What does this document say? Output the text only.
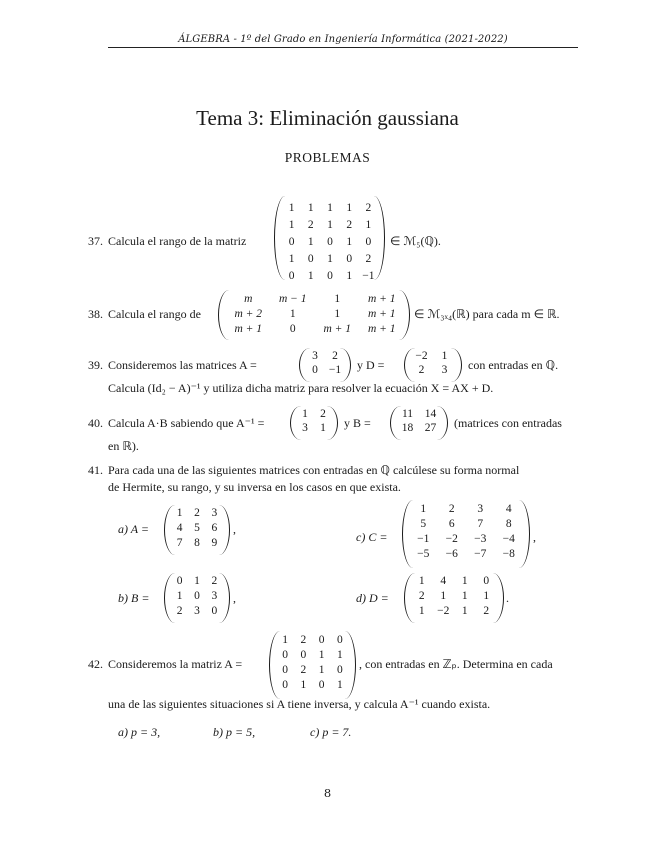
ÁLGEBRA - 1º del Grado en Ingeniería Informática (2021-2022)
Tema 3: Eliminación gaussiana
PROBLEMAS
37. Calcula el rango de la matriz
1	1	1	1	2
1	2	1	2	1
0	1	0	1	0
1	0	1	0	2
0	1	0	1 −1
∈ ℳ₅(ℚ).
38. Calcula el rango de
m	m − 1	1	m + 1
m + 2	1	1	m + 1
m + 1	0	m + 1	m + 1
∈ ℳ₃ₓ₄(ℝ) para cada m ∈ ℝ.
39. Consideremos las matrices A =
3	2
0 −1	y D =
−2	1
2	3	con entradas en ℚ.
Calcula (Id₂ − A)⁻¹ y utiliza dicha matriz para resolver la ecuación X = AX + D.
40. Calcula A·B sabiendo que A⁻¹ =
1	2
3	1	y B =
11	14
18	27	(matrices con entradas
en ℝ).
41. Para cada una de las siguientes matrices con entradas en ℚ calcúlese su forma normal
de Hermite, su rango, y su inversa en los casos en que exista.
a) A =
1	2	3
4	5	6
7	8	9
,
c) C =
1	2	3	4
5	6	7	8
−1	−2	−3	−4
−5	−6	−7	−8
,
b) B =
0	1	2
1	0	3
2	3	0
,	d) D =
1	4	1	0
2	1	1	1
1	−2	1	2
.
42. Consideremos la matriz A =
1	2	0	0
0	0	1	1
0	2	1	0
0	1	0	1
, con entradas en ℤₚ. Determina en cada
una de las siguientes situaciones si A tiene inversa, y calcula A⁻¹ cuando exista.
a) p = 3,	b) p = 5,	c) p = 7.
8
